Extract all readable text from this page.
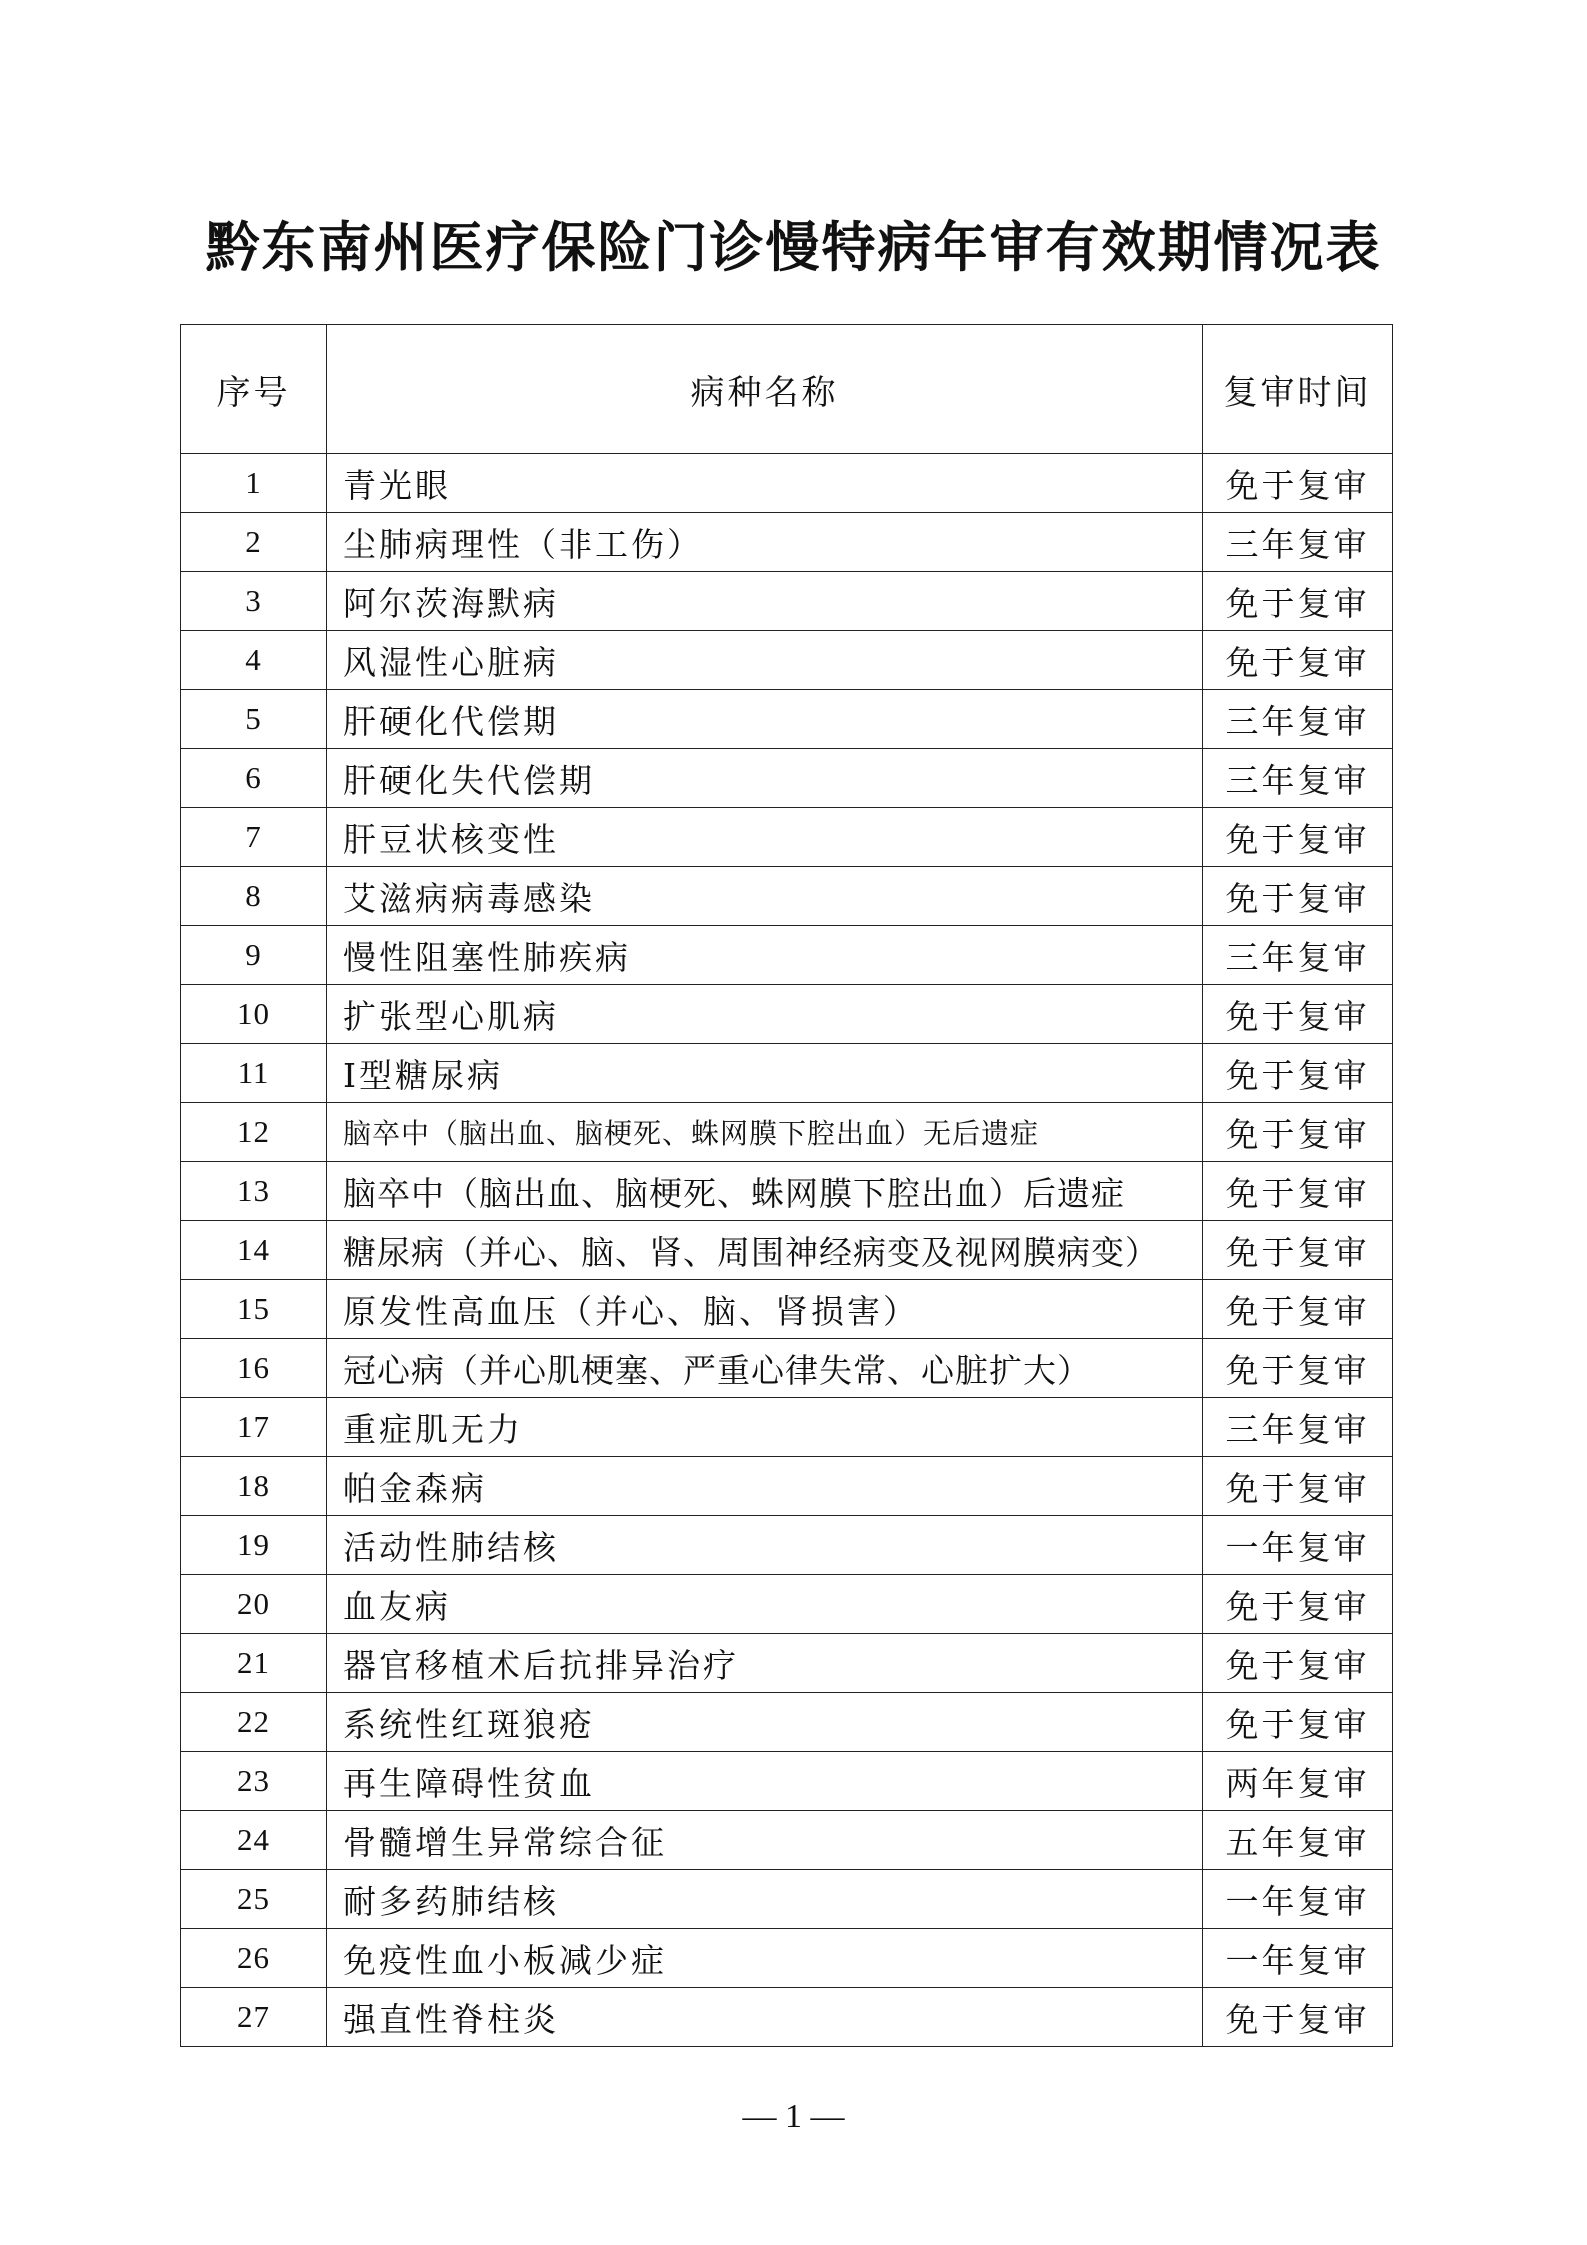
黔东南州医疗保险门诊慢特病年审有效期情况表
序号	病种名称	复审时间
1	青光眼	免于复审
2	尘肺病理性（非工伤）	三年复审
3	阿尔茨海默病	免于复审
4	风湿性心脏病	免于复审
5	肝硬化代偿期	三年复审
6	肝硬化失代偿期	三年复审
7	肝豆状核变性	免于复审
8	艾滋病病毒感染	免于复审
9	慢性阻塞性肺疾病	三年复审
10	扩张型心肌病	免于复审
11	Ⅰ型糖尿病	免于复审
12	脑卒中（脑出血、脑梗死、蛛网膜下腔出血）无后遗症	免于复审
13	脑卒中（脑出血、脑梗死、蛛网膜下腔出血）后遗症	免于复审
14	糖尿病（并心、脑、肾、周围神经病变及视网膜病变）	免于复审
15	原发性高血压（并心、脑、肾损害）	免于复审
16	冠心病（并心肌梗塞、严重心律失常、心脏扩大）	免于复审
17	重症肌无力	三年复审
18	帕金森病	免于复审
19	活动性肺结核	一年复审
20	血友病	免于复审
21	器官移植术后抗排异治疗	免于复审
22	系统性红斑狼疮	免于复审
23	再生障碍性贫血	两年复审
24	骨髓增生异常综合征	五年复审
25	耐多药肺结核	一年复审
26	免疫性血小板减少症	一年复审
27	强直性脊柱炎	免于复审
— 1 —
